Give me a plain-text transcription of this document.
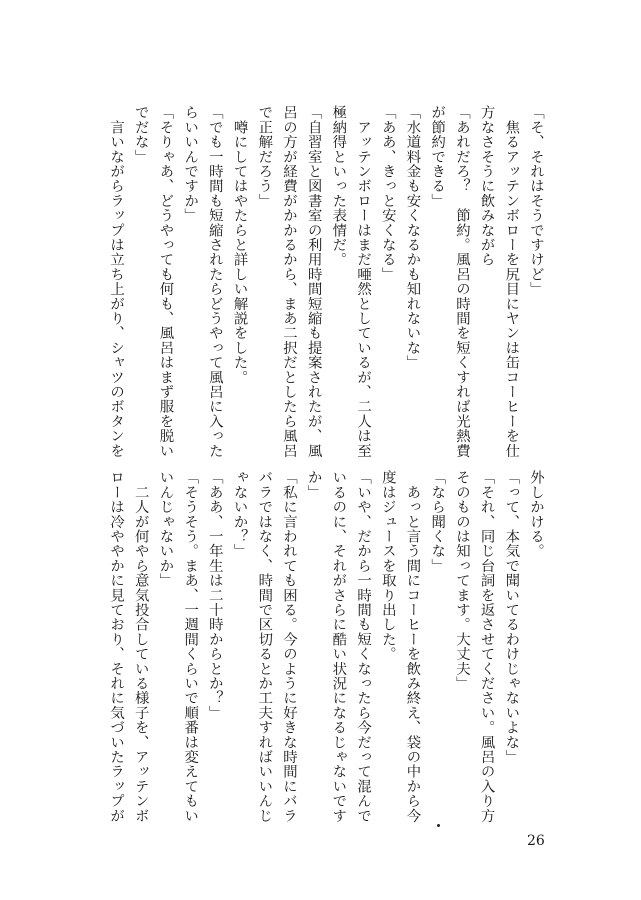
「そ、それはそうですけど」
　焦るアッテンボローを尻目にヤンは缶コーヒーを仕
方なさそうに飲みながら
「あれだろ？　節約。風呂の時間を短くすれば光熱費
が節約できる」
「水道料金も安くなるかも知れないな」
「ああ、きっと安くなる」
　アッテンボローはまだ唖然としているが、二人は至
極納得といった表情だ。
「自習室と図書室の利用時間短縮も提案されたが、風
呂の方が経費がかかるから、まあ二択だとしたら風呂
で正解だろう」
　噂にしてはやたらと詳しい解説をした。
「でも一時間も短縮されたらどうやって風呂に入った
らいいんですか」
「そりゃあ、どうやっても何も、風呂はまず服を脱い
でだな」
　言いながらラップは立ち上がり、シャツのボタンを
外しかける。
「って、本気で聞いてるわけじゃないよな」
「それ、同じ台詞を返させてください。風呂の入り方
そのものは知ってます。大丈夫」
「なら聞くな」
　あっと言う間にコーヒーを飲み終え、袋の中から今
度はジュースを取り出した。
「いや、だから一時間も短くなったら今だって混んで
いるのに、それがさらに酷い状況になるじゃないです
か」
「私に言われても困る。今のように好きな時間にバラ
バラではなく、時間で区切るとか工夫すればいいんじ
ゃないか？」
「ああ、一年生は二十時からとか？」
「そうそう。まあ、一週間くらいで順番は変えてもい
いんじゃないか」
　二人が何やら意気投合している様子を、アッテンボ
ローは冷ややかに見ており、それに気づいたラップが
26
